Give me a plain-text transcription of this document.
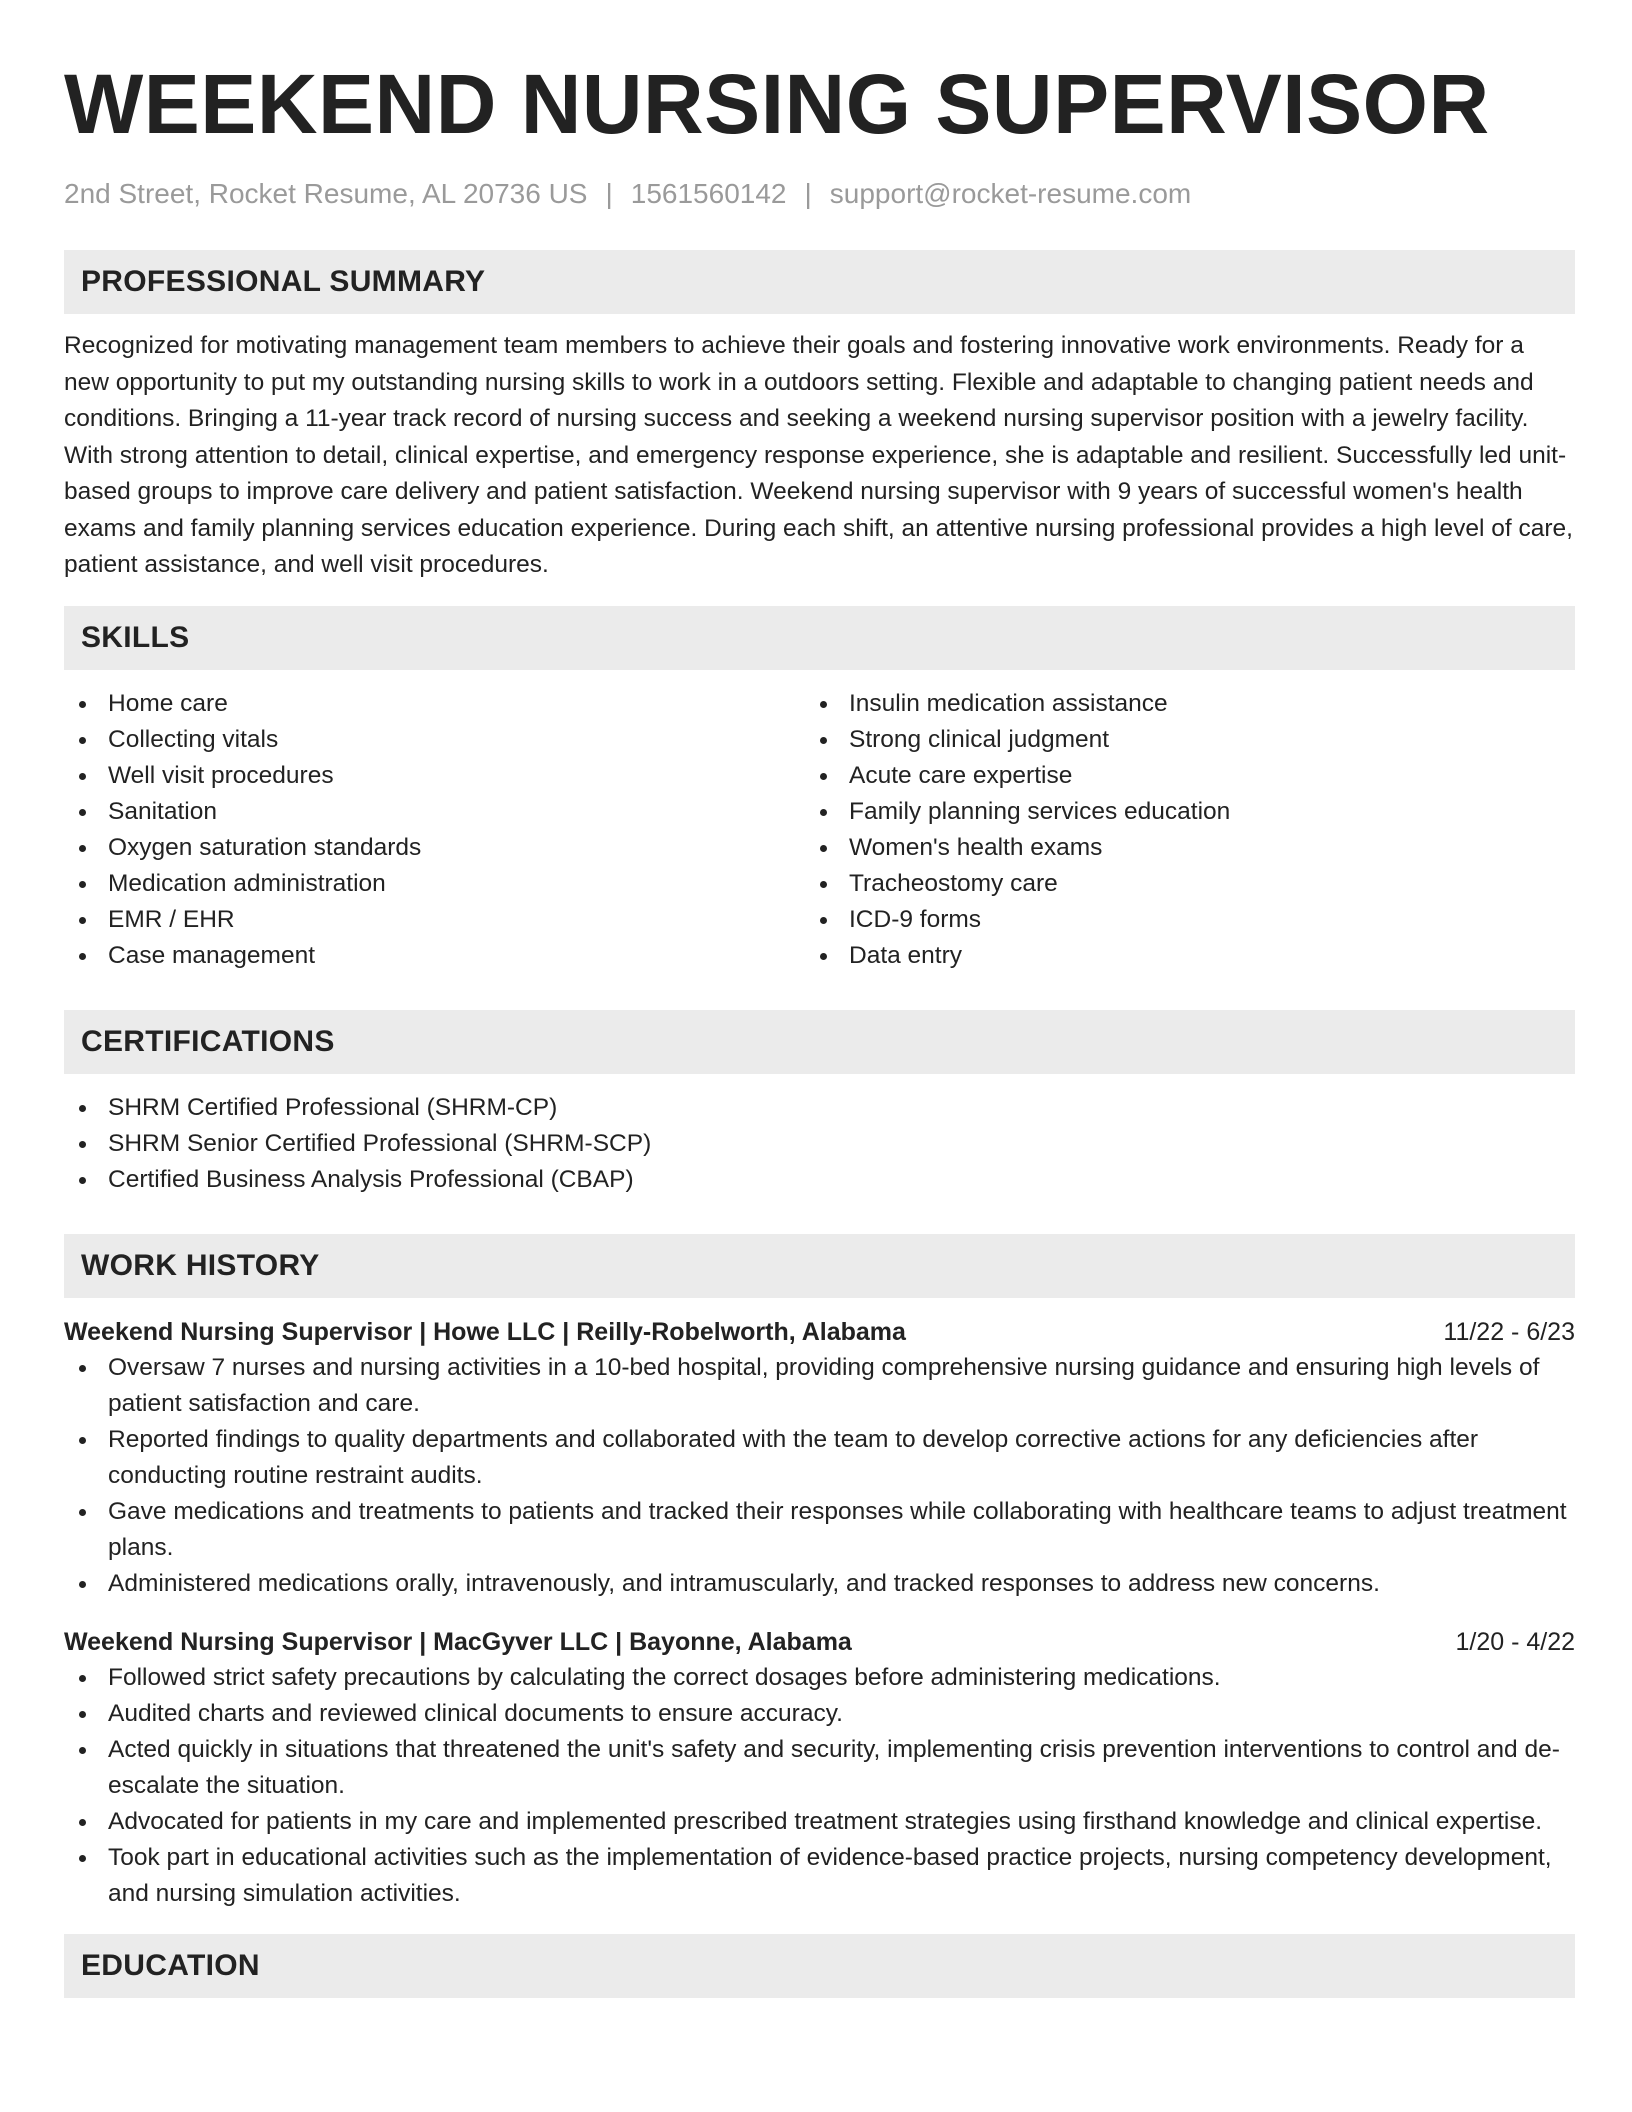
WEEKEND NURSING SUPERVISOR
2nd Street, Rocket Resume, AL 20736 US | 1561560142 | support@rocket-resume.com
PROFESSIONAL SUMMARY
Recognized for motivating management team members to achieve their goals and fostering innovative work environments. Ready for a new opportunity to put my outstanding nursing skills to work in a outdoors setting. Flexible and adaptable to changing patient needs and conditions. Bringing a 11-year track record of nursing success and seeking a weekend nursing supervisor position with a jewelry facility. With strong attention to detail, clinical expertise, and emergency response experience, she is adaptable and resilient. Successfully led unit-based groups to improve care delivery and patient satisfaction. Weekend nursing supervisor with 9 years of successful women's health exams and family planning services education experience. During each shift, an attentive nursing professional provides a high level of care, patient assistance, and well visit procedures.
SKILLS
Home care
Collecting vitals
Well visit procedures
Sanitation
Oxygen saturation standards
Medication administration
EMR / EHR
Case management
Insulin medication assistance
Strong clinical judgment
Acute care expertise
Family planning services education
Women's health exams
Tracheostomy care
ICD-9 forms
Data entry
CERTIFICATIONS
SHRM Certified Professional (SHRM-CP)
SHRM Senior Certified Professional (SHRM-SCP)
Certified Business Analysis Professional (CBAP)
WORK HISTORY
Weekend Nursing Supervisor | Howe LLC | Reilly-Robelworth, Alabama	11/22 - 6/23
Oversaw 7 nurses and nursing activities in a 10-bed hospital, providing comprehensive nursing guidance and ensuring high levels of patient satisfaction and care.
Reported findings to quality departments and collaborated with the team to develop corrective actions for any deficiencies after conducting routine restraint audits.
Gave medications and treatments to patients and tracked their responses while collaborating with healthcare teams to adjust treatment plans.
Administered medications orally, intravenously, and intramuscularly, and tracked responses to address new concerns.
Weekend Nursing Supervisor | MacGyver LLC | Bayonne, Alabama	1/20 - 4/22
Followed strict safety precautions by calculating the correct dosages before administering medications.
Audited charts and reviewed clinical documents to ensure accuracy.
Acted quickly in situations that threatened the unit's safety and security, implementing crisis prevention interventions to control and de-escalate the situation.
Advocated for patients in my care and implemented prescribed treatment strategies using firsthand knowledge and clinical expertise.
Took part in educational activities such as the implementation of evidence-based practice projects, nursing competency development, and nursing simulation activities.
EDUCATION
